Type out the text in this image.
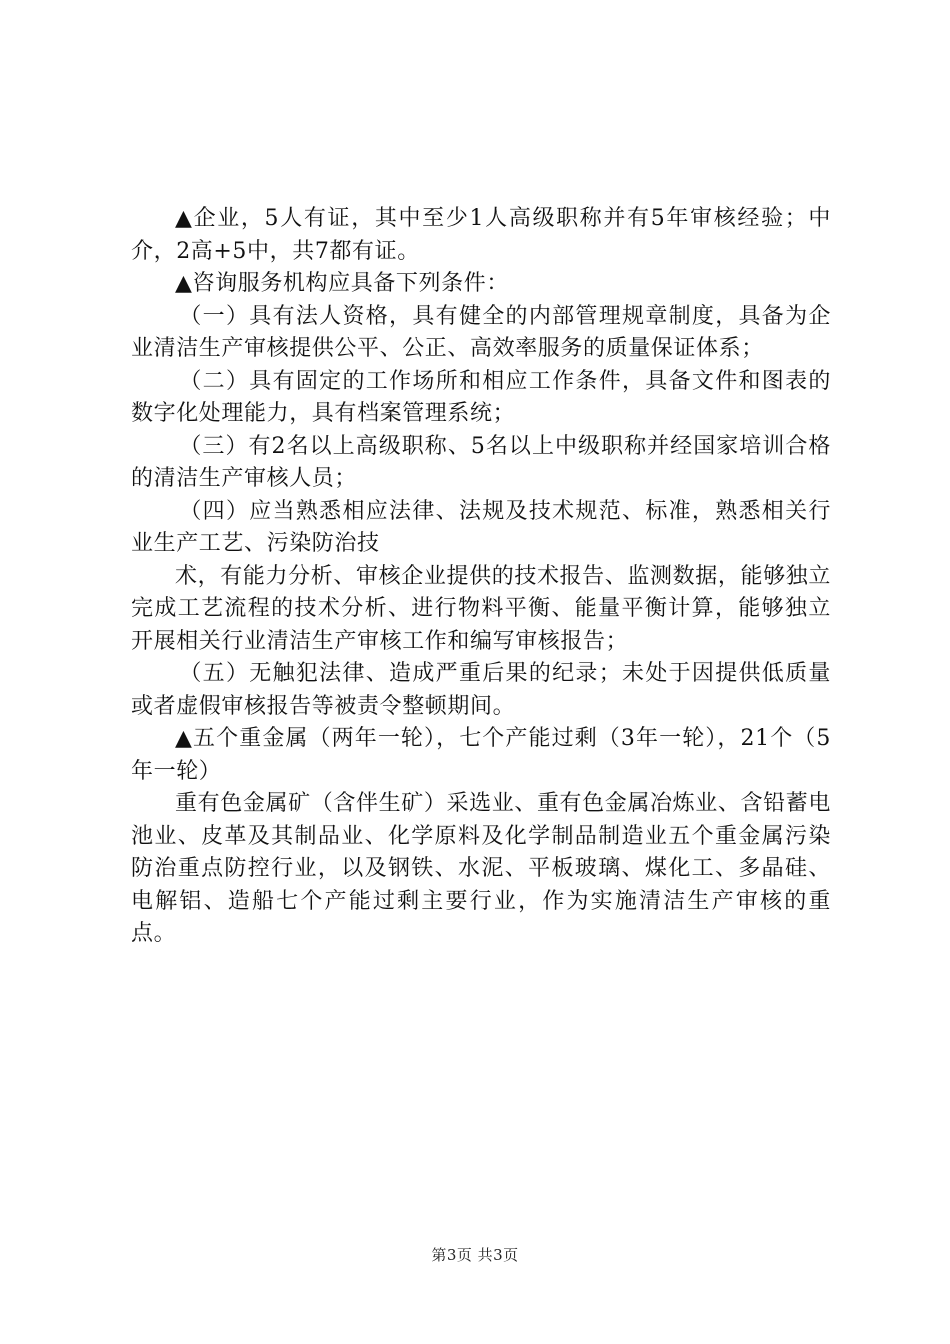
▲企业，5人有证，其中至少1人高级职称并有5年审核经验；中介，2高+5中，共7都有证。

▲咨询服务机构应具备下列条件：

（一）具有法人资格，具有健全的内部管理规章制度，具备为企业清洁生产审核提供公平、公正、高效率服务的质量保证体系；

（二）具有固定的工作场所和相应工作条件，具备文件和图表的数字化处理能力，具有档案管理系统；

（三）有2名以上高级职称、5名以上中级职称并经国家培训合格的清洁生产审核人员；

（四）应当熟悉相应法律、法规及技术规范、标准，熟悉相关行业生产工艺、污染防治技

术，有能力分析、审核企业提供的技术报告、监测数据，能够独立完成工艺流程的技术分析、进行物料平衡、能量平衡计算，能够独立开展相关行业清洁生产审核工作和编写审核报告；

（五）无触犯法律、造成严重后果的纪录；未处于因提供低质量或者虚假审核报告等被责令整顿期间。

▲五个重金属（两年一轮），七个产能过剩（3年一轮），21个（5年一轮）

重有色金属矿（含伴生矿）采选业、重有色金属冶炼业、含铅蓄电池业、皮革及其制品业、化学原料及化学制品制造业五个重金属污染防治重点防控行业，以及钢铁、水泥、平板玻璃、煤化工、多晶硅、电解铝、造船七个产能过剩主要行业，作为实施清洁生产审核的重点。

第3页 共3页
